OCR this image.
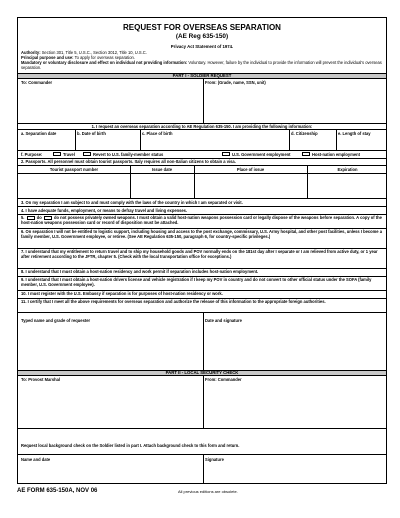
REQUEST FOR OVERSEAS SEPARATION
(AE Reg 635-150)
Privacy Act Statement of 1974.
Authority: Section 301, Title 5, U.S.C., Section 3012, Title 10, U.S.C.
Principal purpose and use: To apply for overseas separation.
Mandatory or voluntary disclosure and effect on individual not providing information: Voluntary. However, failure by the individual to provide the information will prevent the individual's overseas separation.
PART I - SOLDIER REQUEST
To: Commander	From: (Grade, name, SSN, unit)
1. I request an overseas separation according to AE Regulation 635-150. I am providing the following information:
a. Separation date	b. Date of birth	c. Place of birth	d. Citizenship	e. Length of stay
f. Purpose:	Travel	Revert to U.S. family-member status	U.S. Government employment	Host-nation employment
2. Passports. All personnel must obtain tourist passports. Italy requires all non-Italian citizens to obtain a visa.
Tourist passport number	Issue date	Place of issue	Expiration
3. On my separation I am subject to and must comply with the laws of the country in which I am separated or visit.
4. I have adequate funds, employment, or means to defray travel and living expenses.
5.	do	do not possess privately owned weapons. I must obtain a valid host-nation weapons possession card or legally dispose of the weapons before separation. A copy of the host-nation weapons possession card or record of disposition must be attached.
6. On separation I will not be entitled to logistic support, including housing and access to the post exchange, commissary, U.S. Army hospital, and other post facilities, unless I become a family member, U.S. Government employee, or retiree. (See AE Regulation 635-150, paragraph 6, for country-specific privileges.)
7. I understand that my entitlement to return travel and to ship my household goods and POV normally ends on the 181st day after I separate or I am relieved from active duty, or 1 year after retirement according to the JFTR, chapter 5. (Check with the local transportation office for exceptions.)
8. I understand that I must obtain a host-nation residency and work permit if separation includes host-nation employment.
9. I understand that I must obtain a host-nation drivers license and vehicle registration if I keep my POV in country and do not convert to other official status under the SOFA (family member, U.S. Government employee).
10. I must register with the U.S. Embassy if separation is for purposes of host-nation residency or work.
11. I certify that I meet all the above requirements for overseas separation and authorize the release of this information to the appropriate foreign authorities.
Typed name and grade of requester	Date and signature
PART II - LOCAL SECURITY CHECK
To: Provost Marshal	From: Commander
Request local background check on the Soldier listed in part I. Attach background check to this form and return.
Name and date	Signature
AE FORM 635-150A, NOV 06	All previous editions are obsolete.
